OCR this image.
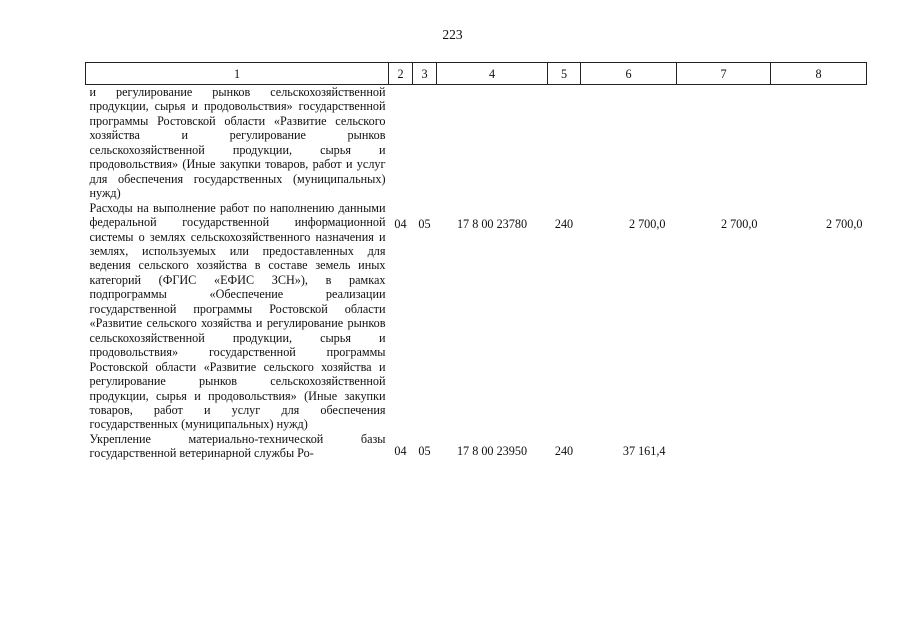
223
1	2	3	4	5	6	7	8
и регулирование рынков сельскохозяйственной продукции, сырья и продовольствия» государственной программы Ростовской области «Развитие сельского хозяйства и регулирование рынков сельскохозяйственной продукции, сырья и продовольствия» (Иные закупки товаров, работ и услуг для обеспечения государственных (муниципальных) нужд)							
Расходы на выполнение работ по наполнению данными федеральной государственной информационной системы о землях сельскохозяйственного назначения и землях, используемых или предоставленных для ведения сельского хозяйства в составе земель иных категорий (ФГИС «ЕФИС ЗСН»), в рамках подпрограммы «Обеспечение реализации государственной программы Ростовской области «Развитие сельского хозяйства и регулирование рынков сельскохозяйственной продукции, сырья и продовольствия» государственной программы Ростовской области «Развитие сельского хозяйства и регулирование рынков сельскохозяйственной продукции, сырья и продовольствия» (Иные закупки товаров, работ и услуг для обеспечения государственных (муниципальных) нужд)	04	05	17 8 00 23780	240	2 700,0	2 700,0	2 700,0
Укрепление материально-технической базы государственной ветеринарной службы Ро-	04	05	17 8 00 23950	240	37 161,4		
